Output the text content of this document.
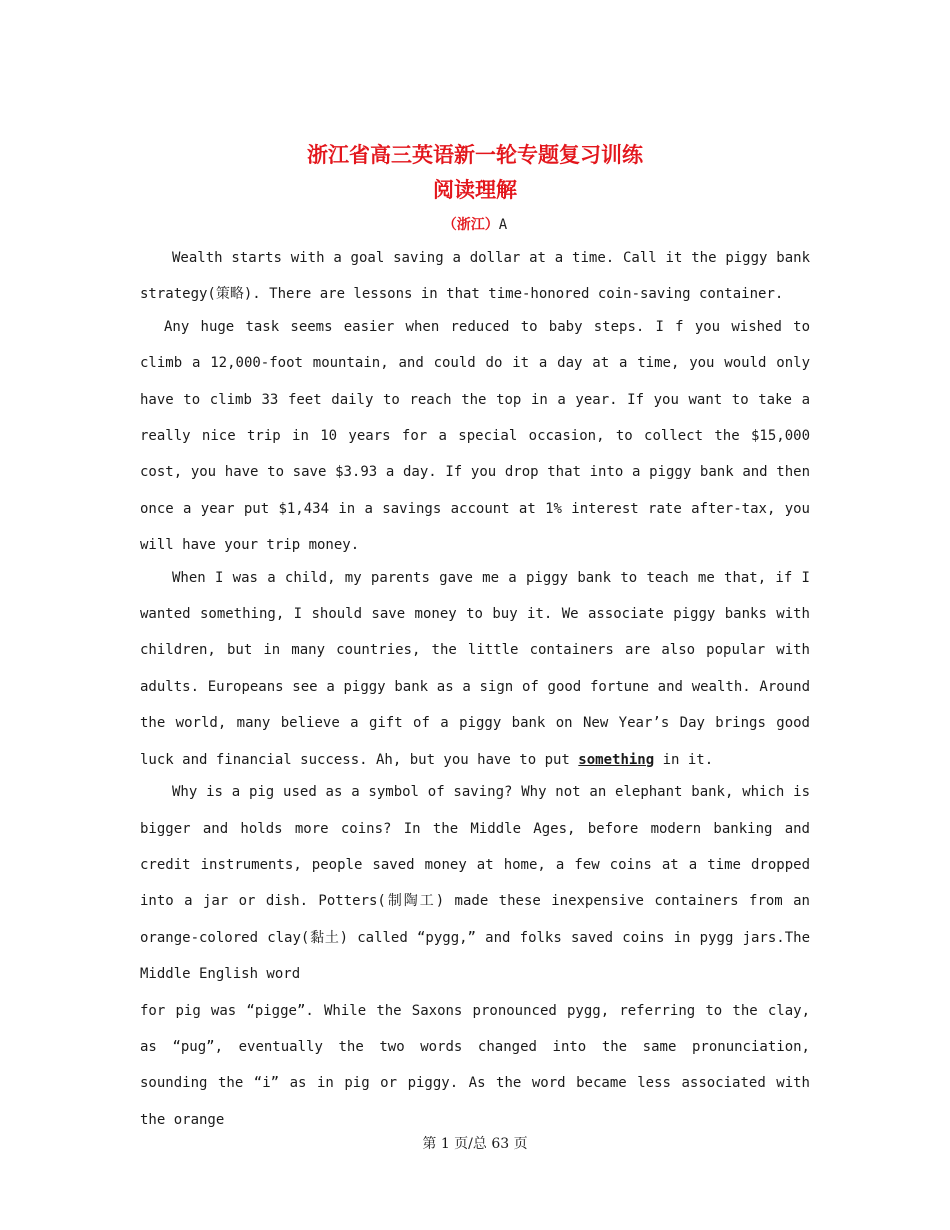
浙江省高三英语新一轮专题复习训练
阅读理解
（浙江）A

Wealth starts with a goal saving a dollar at a time. Call it the piggy bank strategy(策略). There are lessons in that time-honored coin-saving container.

Any huge task seems easier when reduced to baby steps. I f you wished to climb a 12,000-foot mountain, and could do it a day at a time, you would only have to climb 33 feet daily to reach the top in a year. If you want to take a really nice trip in 10 years for a special occasion, to collect the $15,000 cost, you have to save $3.93 a day. If you drop that into a piggy bank and then once a year put $1,434 in a savings account at 1% interest rate after-tax, you will have your trip money.

When I was a child, my parents gave me a piggy bank to teach me that, if I wanted something, I should save money to buy it. We associate piggy banks with children, but in many countries, the little containers are also popular with adults. Europeans see a piggy bank as a sign of good fortune and wealth. Around the world, many believe a gift of a piggy bank on New Year’s Day brings good luck and financial success. Ah, but you have to put something in it.

Why is a pig used as a symbol of saving? Why not an elephant bank, which is bigger and holds more coins? In the Middle Ages, before modern banking and credit instruments, people saved money at home, a few coins at a time dropped into a jar or dish. Potters(制陶工) made these inexpensive containers from an orange-colored clay(黏土) called “pygg,” and folks saved coins in pygg jars.The Middle English word

for pig was “pigge”. While the Saxons pronounced pygg, referring to the clay, as “pug”, eventually the two words changed into the same pronunciation, sounding the “i” as in pig or piggy. As the word became less associated with the orange

第 1 页/总 63 页
